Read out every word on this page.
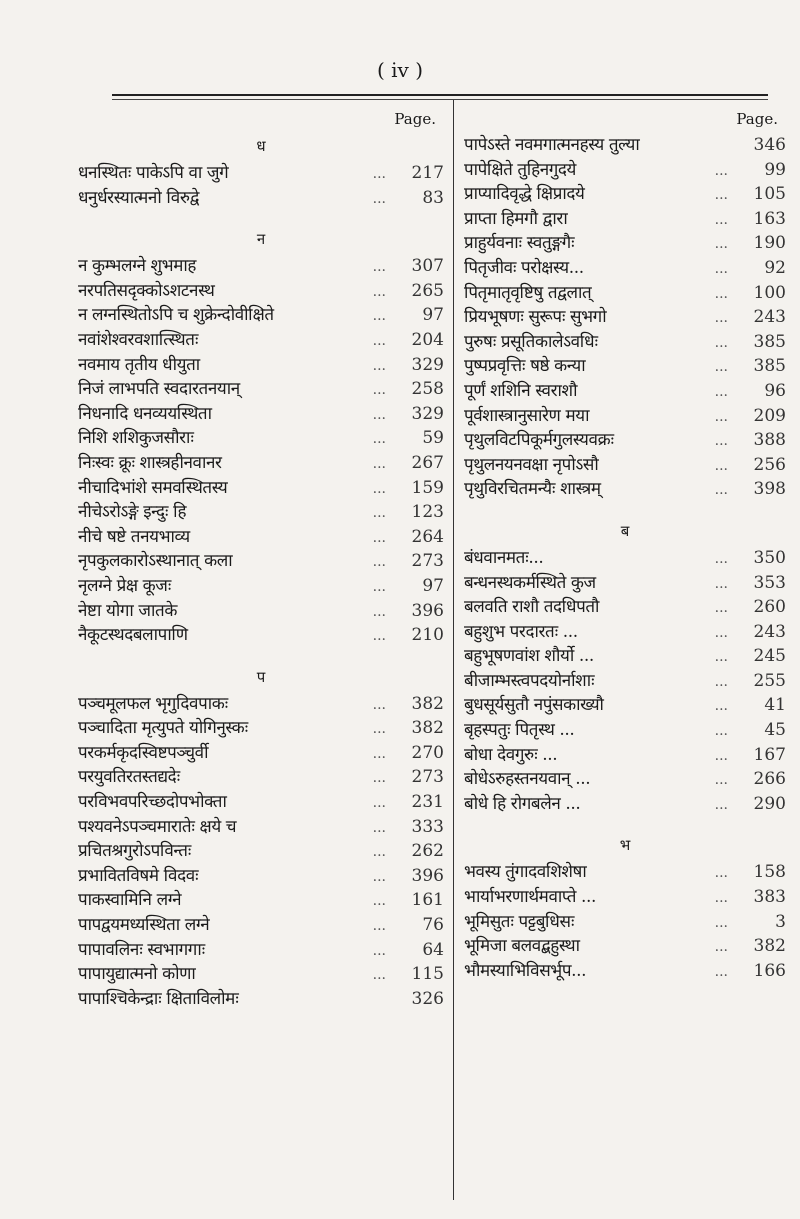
( iv )
Page.
ध
धनस्थितः पाकेऽपि वा जुगे	...	217
धनुर्धरस्यात्मनो विरुद्वे	...	83
न
न कुम्भलग्ने शुभमाह	...	307
नरपतिसदृक्कोऽशटनस्थ	...	265
न लग्नस्थितोऽपि च शुक्रेन्दोवीक्षिते	...	97
नवांशेश्वरवशात्स्थितः	...	204
नवमाय तृतीय धीयुता	...	329
निजं लाभपति स्वदारतनयान्	...	258
निधनादि धनव्ययस्थिता	...	329
निशि शशिकुजसौराः	...	59
निःस्वः क्रूः शास्त्रहीनवानर	...	267
नीचादिभांशे समवस्थितस्य	...	159
नीचेऽरोऽङ्गे इन्दुः हि	...	123
नीचे षष्टे तनयभाव्य	...	264
नृपकुलकारोऽस्थानात् कला	...	273
नृलग्ने प्रेक्ष कूजः	...	97
नेष्टा योगा जातके	...	396
नैकूटस्थदबलापाणि	...	210
प
पञ्चमूलफल भृगुदिवपाकः	...	382
पञ्चादिता मृत्युपते योगिनुस्कः	...	382
परकर्मकृदस्विष्टपञ्चुर्वी	...	270
परयुवतिरतस्तद्यदेः	...	273
परविभवपरिच्छदोपभोक्ता	...	231
पश्यवनेऽपञ्चमारातेः क्षये च	...	333
प्रचितश्रगुरोऽपविन्तः	...	262
प्रभावितविषमे विदवः	...	396
पाकस्वामिनि लग्ने	...	161
पापद्वयमध्यस्थिता लग्ने	...	76
पापावलिनः स्वभागगाः	...	64
पापायुद्यात्मनो कोणा	...	115
पापाश्चिकेन्द्राः क्षिताविलोमः	326
Page.
पापेऽस्ते नवमगात्मनहस्य तुल्या	346
पापेक्षिते तुहिनगुदये	...	99
प्राप्यादिवृद्धे क्षिप्रादये	...	105
प्राप्ता हिमगौ द्वारा	...	163
प्राहुर्यवनाः स्वतुङ्गगैः	...	190
पितृजीवः परोक्षस्य...	...	92
पितृमातृवृष्टिषु तद्वलात्	...	100
प्रियभूषणः सुरूपः सुभगो	...	243
पुरुषः प्रसूतिकालेऽवधिः	...	385
पुष्पप्रवृत्तिः षष्ठे कन्या	...	385
पूर्णं शशिनि स्वराशौ	...	96
पूर्वशास्त्रानुसारेण मया	...	209
पृथुलविटपिकूर्मगुलस्यवक्रः	...	388
पृथुलनयनवक्षा नृपोऽसौ	...	256
पृथुविरचितमन्यैः शास्त्रम्	...	398
ब
बंधवानमतः...	...	350
बन्धनस्थकर्मस्थिते कुज	...	353
बलवति राशौ तदधिपतौ	...	260
बहुशुभ परदारतः ...	...	243
बहुभूषणवांश शौर्यो ...	...	245
बीजाम्भस्त्वपदयोर्नाशाः	...	255
बुधसूर्यसुतौ नपुंसकाख्यौ	...	41
बृहस्पतुः पितृस्थ ...	...	45
बोधा देवगुरुः ...	...	167
बोधेऽरुहस्तनयवान् ...	...	266
बोधे हि रोगबलेन ...	...	290
भ
भवस्य तुंगादवशिशेषा	...	158
भार्याभरणार्थमवाप्ते ...	...	383
भूमिसुतः पट्टबुधिसः	...	3
भूमिजा बलवद्बहुस्था	...	382
भौमस्याभिविसर्भूप...	...	166
